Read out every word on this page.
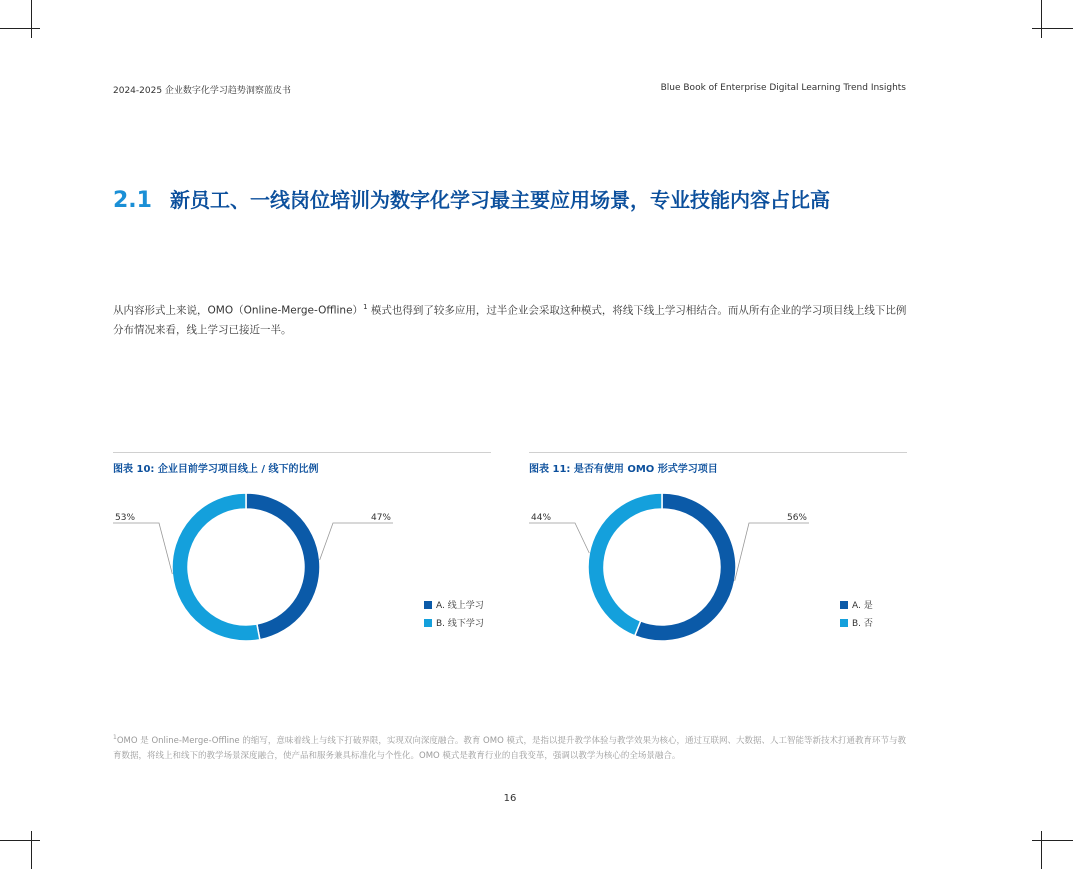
2024-2025 企业数字化学习趋势洞察蓝皮书	Blue Book of Enterprise Digital Learning Trend Insights
2.1 新员工、一线岗位培训为数字化学习最主要应用场景，专业技能内容占比高

从内容形式上来说，OMO（Online-Merge-Offline）$^1$ 模式也得到了较多应用，过半企业会采取这种模式，将线下线上学习相结合。而从所有企业的学习项目线上线下比例分布情况来看，线上学习已接近一半。

图表 10: 企业目前学习项目线上 / 线下的比例
47%
A. 线上学习
53%
B. 线下学习
图表 11: 是否有使用 OMO 形式学习项目
56%
A. 是
44%
B. 否

$^1$OMO 是 Online-Merge-Offline 的缩写，意味着线上与线下打破界限，实现双向深度融合。教育 OMO 模式，是指以提升教学体验与教学效果为核心，通过互联网、大数据、人工智能等新技术打通教育环节与教育数据，将线上和线下的教学场景深度融合，使产品和服务兼具标准化与个性化。OMO 模式是教育行业的自我变革，强调以教学为核心的全场景融合。

16
